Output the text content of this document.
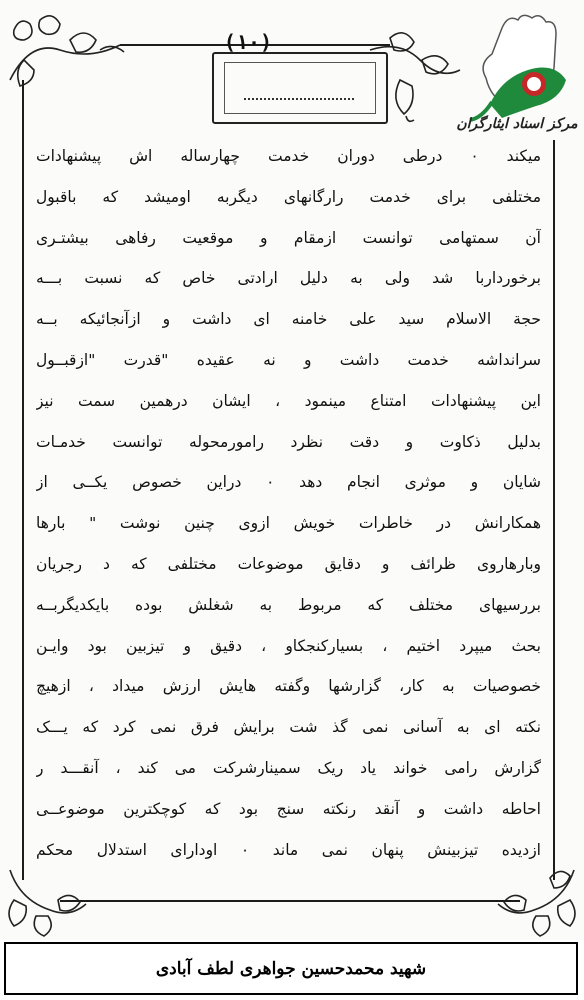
(۱۰)
مرکز اسناد ایثارگران
میکند ۰ درطی دوران خدمت چهارساله اش پیشنهادات
مختلفی برای خدمت رارگانهای دیگربه اومیشد که باقبول
آن سمتهامی توانست ازمقام و موقعیت رفاهی بیشتـری
برخورداربا شد ولی به دلیل ارادتی خاص که نسبت بـــه
حجة الاسلام سید علی خامنه ای داشت و ازآنجائیکه بــه
سرانداشه خدمت داشت و نه عقیده "قدرت "ازقبــول
این پیشنهادات امتناع مینمود ، ایشان درهمین سمت نیز
بدلیل ذکاوت و دقت نظرد رامورمحوله توانست خدمـات
شایان و موثری انجام دهد ۰ دراین خصوص یکــی از
همکارانش در خاطرات خویش ازوی چنین نوشت " بارها
وبارهاروی ظرائف و دقایق موضوعات مختلفی که د رجریان
بررسیهای مختلف که مربوط به شغلش بوده بایکدیگربــه
بحث میپرد اختیم ، بسیارکنجکاو ، دقیق و تیزبین بود وایـن
خصوصیات به کار، گزارشها وگفته هایش ارزش میداد ، ازهیچ
نکته ای به آسانی نمی گذ شت برایش فرق نمی کرد که یـــک
گزارش رامی خواند یاد ریک سمینارشرکت می کند ، آنقـــد ر
احاطه داشت و آنقد رنکته سنج بود که کوچکترین موضوعــی
ازدیده تیزبینش پنهان نمی ماند ۰ اودارای استدلال محکم
شهید محمدحسین جواهری لطف آبادی
